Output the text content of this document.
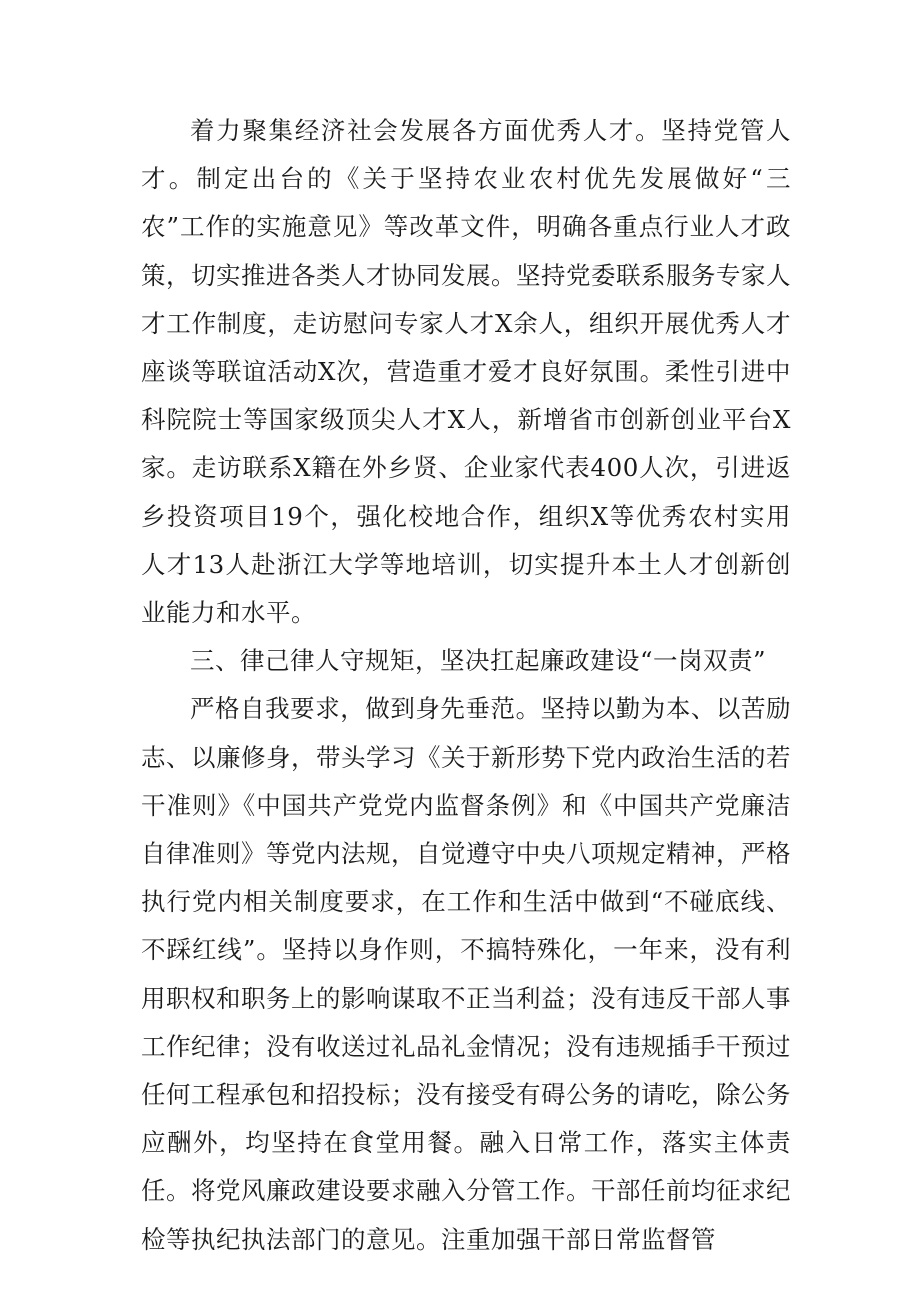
着力聚集经济社会发展各方面优秀人才。坚持党管人才。制定出台的《关于坚持农业农村优先发展做好“三农”工作的实施意见》等改革文件，明确各重点行业人才政策，切实推进各类人才协同发展。坚持党委联系服务专家人才工作制度，走访慰问专家人才X余人，组织开展优秀人才座谈等联谊活动X次，营造重才爱才良好氛围。柔性引进中科院院士等国家级顶尖人才X人，新增省市创新创业平台X家。走访联系X籍在外乡贤、企业家代表400人次，引进返乡投资项目19个，强化校地合作，组织X等优秀农村实用人才13人赴浙江大学等地培训，切实提升本土人才创新创业能力和水平。

三、律己律人守规矩，坚决扛起廉政建设“一岗双责”

严格自我要求，做到身先垂范。坚持以勤为本、以苦励志、以廉修身，带头学习《关于新形势下党内政治生活的若干准则》《中国共产党党内监督条例》和《中国共产党廉洁自律准则》等党内法规，自觉遵守中央八项规定精神，严格执行党内相关制度要求，在工作和生活中做到“不碰底线、不踩红线”。坚持以身作则，不搞特殊化，一年来，没有利用职权和职务上的影响谋取不正当利益；没有违反干部人事工作纪律；没有收送过礼品礼金情况；没有违规插手干预过任何工程承包和招投标；没有接受有碍公务的请吃，除公务应酬外，均坚持在食堂用餐。融入日常工作，落实主体责任。将党风廉政建设要求融入分管工作。干部任前均征求纪检等执纪执法部门的意见。注重加强干部日常监督管
